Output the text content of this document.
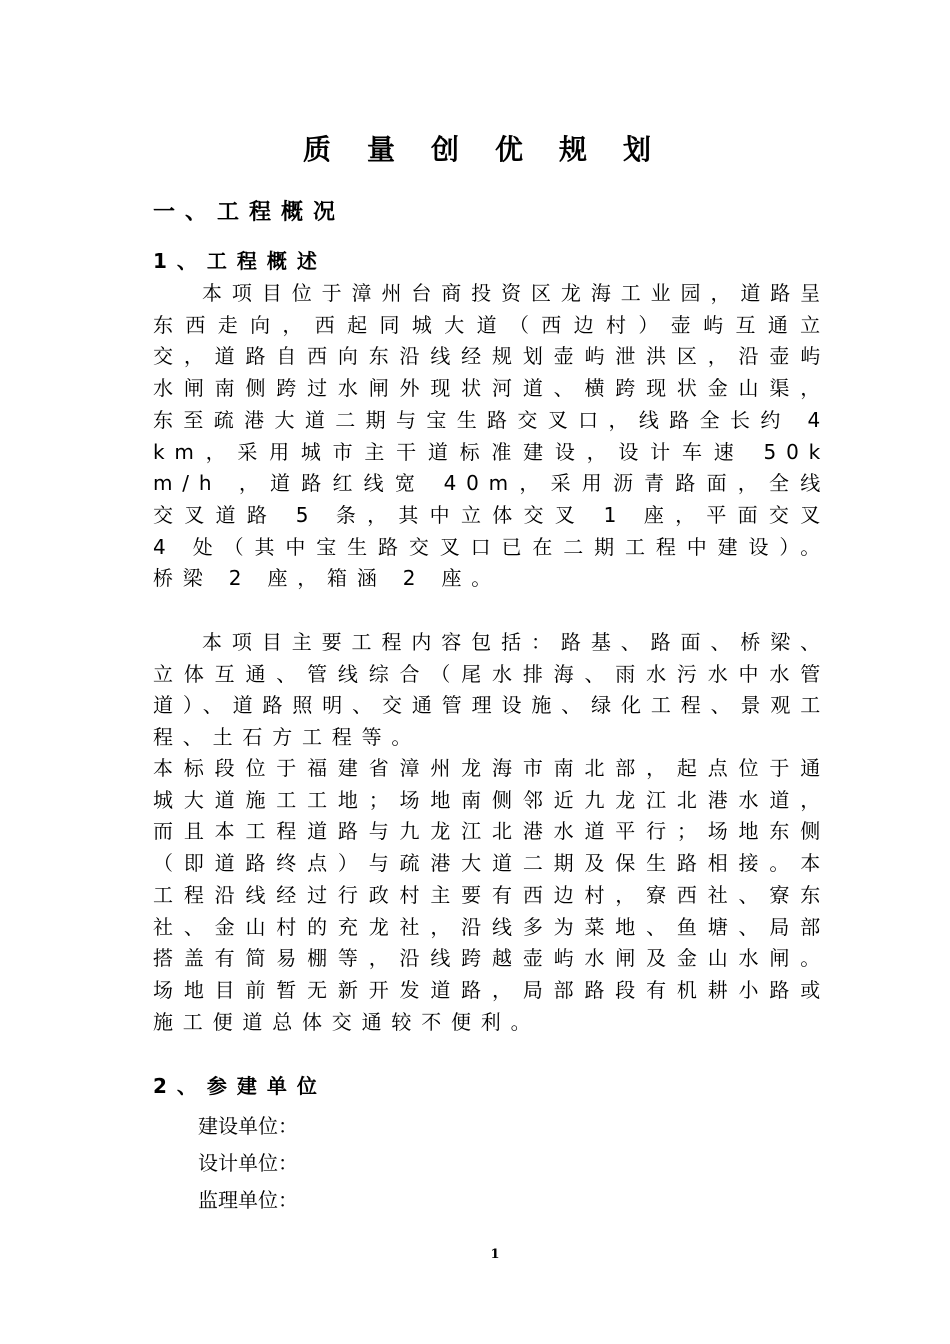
质量创优规划
一、工程概况
1、工程概述

本项目位于漳州台商投资区龙海工业园，道路呈东西走向，西起同城大道（西边村）壶屿互通立交，道路自西向东沿线经规划壶屿泄洪区，沿壶屿水闸南侧跨过水闸外现状河道、横跨现状金山渠，东至疏港大道二期与宝生路交叉口，线路全长约 4km，采用城市主干道标准建设，设计车速 50km/h ，道路红线宽 40m，采用沥青路面，全线交叉道路 5 条，其中立体交叉 1 座，平面交叉 4 处（其中宝生路交叉口已在二期工程中建设）。桥梁 2 座，箱涵 2 座。

本项目主要工程内容包括：路基、路面、桥梁、立体互通、管线综合（尾水排海、雨水污水中水管道）、道路照明、交通管理设施、绿化工程、景观工程、土石方工程等。

本标段位于福建省漳州龙海市南北部，起点位于通城大道施工工地；场地南侧邻近九龙江北港水道，而且本工程道路与九龙江北港水道平行；场地东侧（即道路终点）与疏港大道二期及保生路相接。本工程沿线经过行政村主要有西边村，寮西社、寮东社、金山村的充龙社，沿线多为菜地、鱼塘、局部搭盖有简易棚等，沿线跨越壶屿水闸及金山水闸。场地目前暂无新开发道路，局部路段有机耕小路或施工便道总体交通较不便利。

2、参建单位
建设单位：
设计单位：
监理单位：

1
